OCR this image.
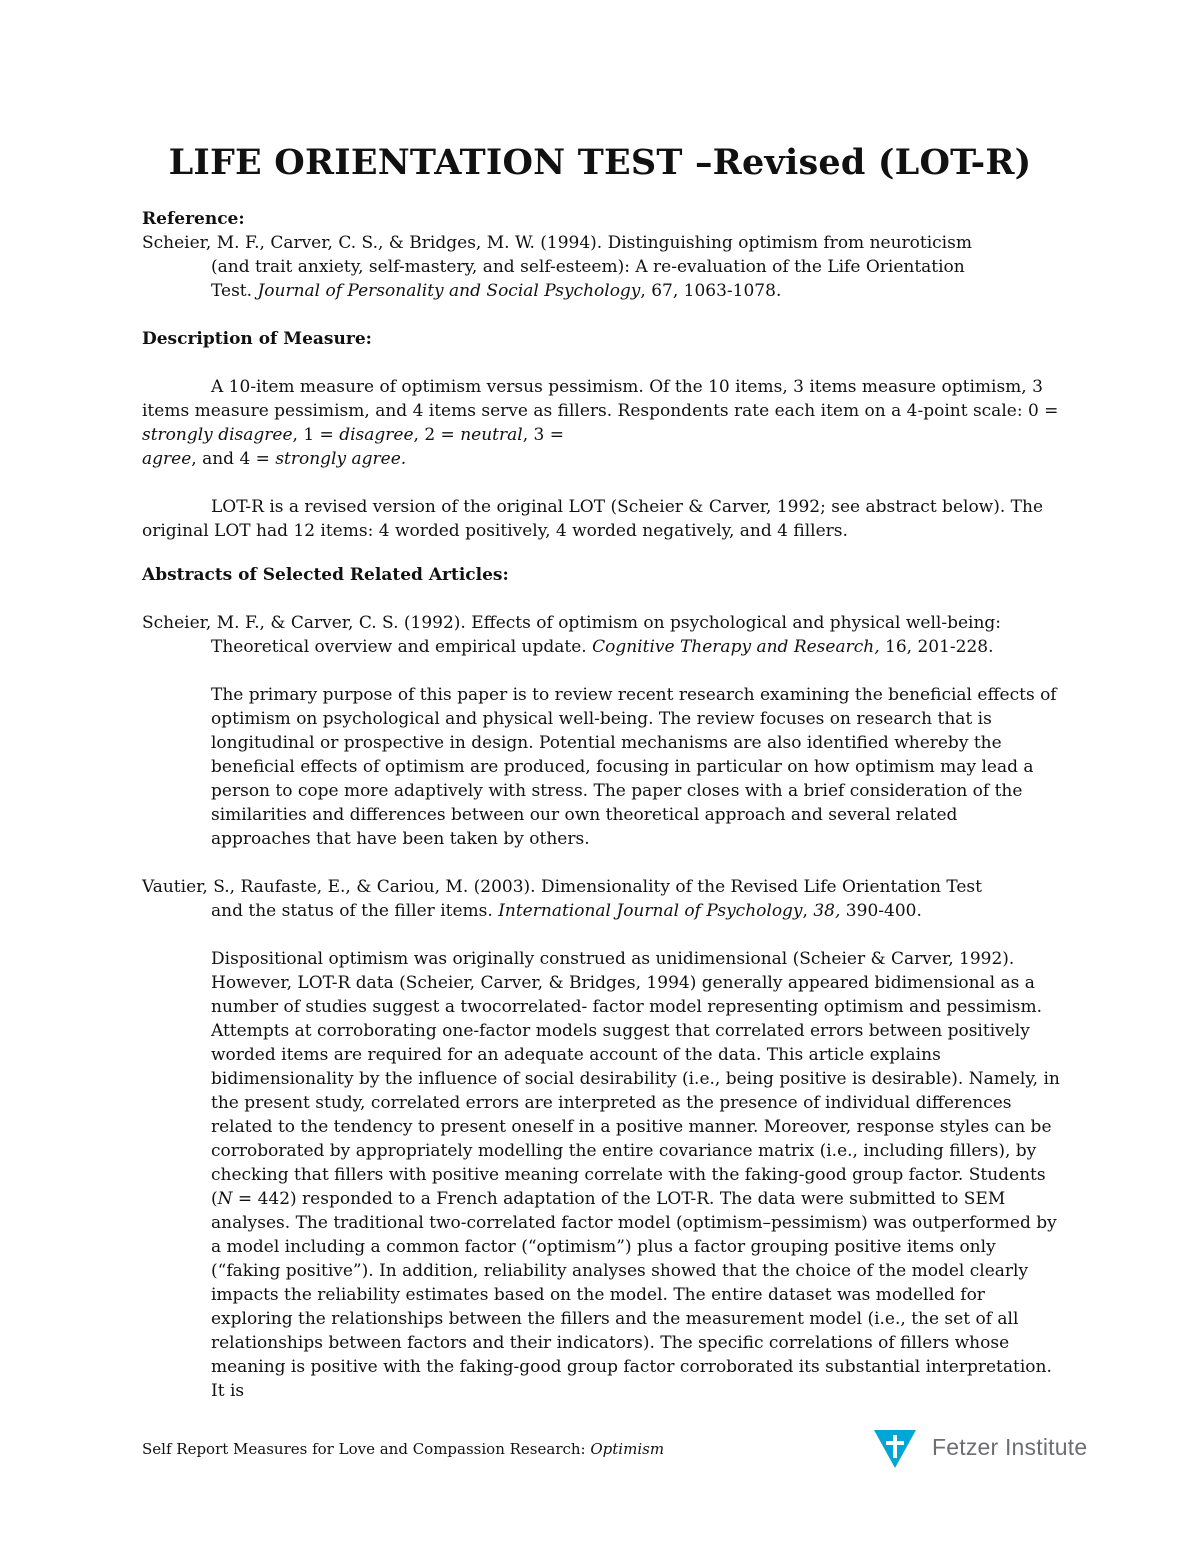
LIFE ORIENTATION TEST –Revised (LOT-R)
Reference:
Scheier, M. F., Carver, C. S., & Bridges, M. W. (1994). Distinguishing optimism from neuroticism
(and trait anxiety, self-mastery, and self-esteem): A re-evaluation of the Life Orientation
Test. Journal of Personality and Social Psychology, 67, 1063-1078.
Description of Measure:
A 10-item measure of optimism versus pessimism. Of the 10 items, 3 items measure optimism, 3 items measure pessimism, and 4 items serve as fillers. Respondents rate each item on a 4-point scale: 0 = strongly disagree, 1 = disagree, 2 = neutral, 3 =
agree, and 4 = strongly agree.
LOT-R is a revised version of the original LOT (Scheier & Carver, 1992; see abstract below). The original LOT had 12 items: 4 worded positively, 4 worded negatively, and 4 fillers.
Abstracts of Selected Related Articles:
Scheier, M. F., & Carver, C. S. (1992). Effects of optimism on psychological and physical well-being:
Theoretical overview and empirical update. Cognitive Therapy and Research, 16, 201-228.
The primary purpose of this paper is to review recent research examining the beneficial effects of optimism on psychological and physical well-being. The review focuses on research that is longitudinal or prospective in design. Potential mechanisms are also identified whereby the beneficial effects of optimism are produced, focusing in particular on how optimism may lead a person to cope more adaptively with stress. The paper closes with a brief consideration of the similarities and differences between our own theoretical approach and several related approaches that have been taken by others.
Vautier, S., Raufaste, E., & Cariou, M. (2003). Dimensionality of the Revised Life Orientation Test
and the status of the filler items. International Journal of Psychology, 38, 390-400.
Dispositional optimism was originally construed as unidimensional (Scheier & Carver, 1992). However, LOT-R data (Scheier, Carver, & Bridges, 1994) generally appeared bidimensional as a number of studies suggest a twocorrelated- factor model representing optimism and pessimism. Attempts at corroborating one-factor models suggest that correlated errors between positively worded items are required for an adequate account of the data. This article explains bidimensionality by the influence of social desirability (i.e., being positive is desirable). Namely, in the present study, correlated errors are interpreted as the presence of individual differences related to the tendency to present oneself in a positive manner. Moreover, response styles can be corroborated by appropriately modelling the entire covariance matrix (i.e., including fillers), by checking that fillers with positive meaning correlate with the faking-good group factor. Students (N = 442) responded to a French adaptation of the LOT-R. The data were submitted to SEM analyses. The traditional two-correlated factor model (optimism–pessimism) was outperformed by a model including a common factor (“optimism”) plus a factor grouping positive items only (“faking positive”). In addition, reliability analyses showed that the choice of the model clearly impacts the reliability estimates based on the model. The entire dataset was modelled for exploring the relationships between the fillers and the measurement model (i.e., the set of all relationships between factors and their indicators). The specific correlations of fillers whose meaning is positive with the faking-good group factor corroborated its substantial interpretation. It is
Self Report Measures for Love and Compassion Research: Optimism	Fetzer Institute
